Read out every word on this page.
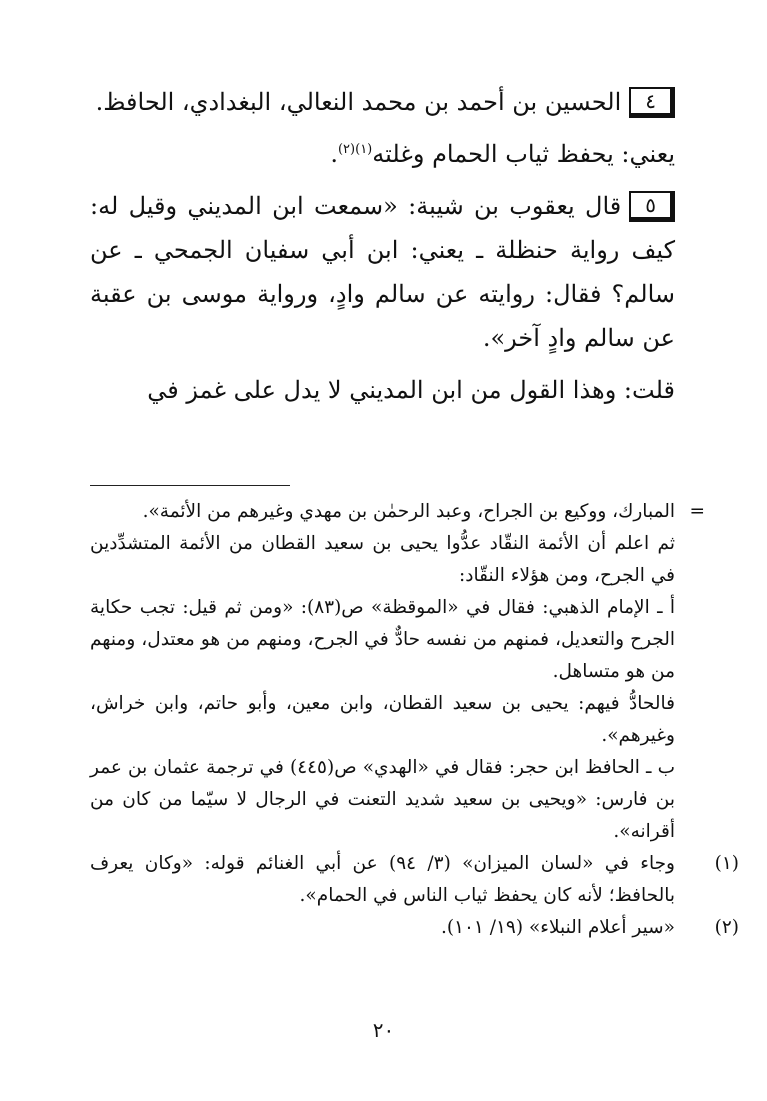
٤الحسين بن أحمد بن محمد النعالي، البغدادي، الحافظ.

يعني: يحفظ ثياب الحمام وغلته$^{(١)(٢)}$.

٥قال يعقوب بن شيبة: «سمعت ابن المديني وقيل له: كيف رواية حنظلة ـ يعني: ابن أبي سفيان الجمحي ـ عن سالم؟ فقال: روايته عن سالم وادٍ، ورواية موسى بن عقبة عن سالم وادٍ آخر».

قلت: وهذا القول من ابن المديني لا يدل على غمز في

=
المبارك، ووكيع بن الجراح، وعبد الرحمٰن بن مهدي وغيرهم من الأئمة».

ثم اعلم أن الأئمة النقّاد عدُّوا يحيى بن سعيد القطان من الأئمة المتشدِّدين في الجرح، ومن هؤلاء النقّاد:

أ ـ الإمام الذهبي: فقال في «الموقظة» ص(٨٣): «ومن ثم قيل: تجب حكاية الجرح والتعديل، فمنهم من نفسه حادٌّ في الجرح، ومنهم من هو معتدل، ومنهم من هو متساهل.

فالحادُّ فيهم: يحيى بن سعيد القطان، وابن معين، وأبو حاتم، وابن خراش، وغيرهم».

ب ـ الحافظ ابن حجر: فقال في «الهدي» ص(٤٤٥) في ترجمة عثمان بن عمر بن فارس: «ويحيى بن سعيد شديد التعنت في الرجال لا سيّما من كان من أقرانه».

(١)

وجاء في «لسان الميزان» (٣/ ٩٤) عن أبي الغنائم قوله: «وكان يعرف بالحافظ؛ لأنه كان يحفظ ثياب الناس في الحمام».

(٢)

«سير أعلام النبلاء» (١٩/ ١٠١).

٢٠
